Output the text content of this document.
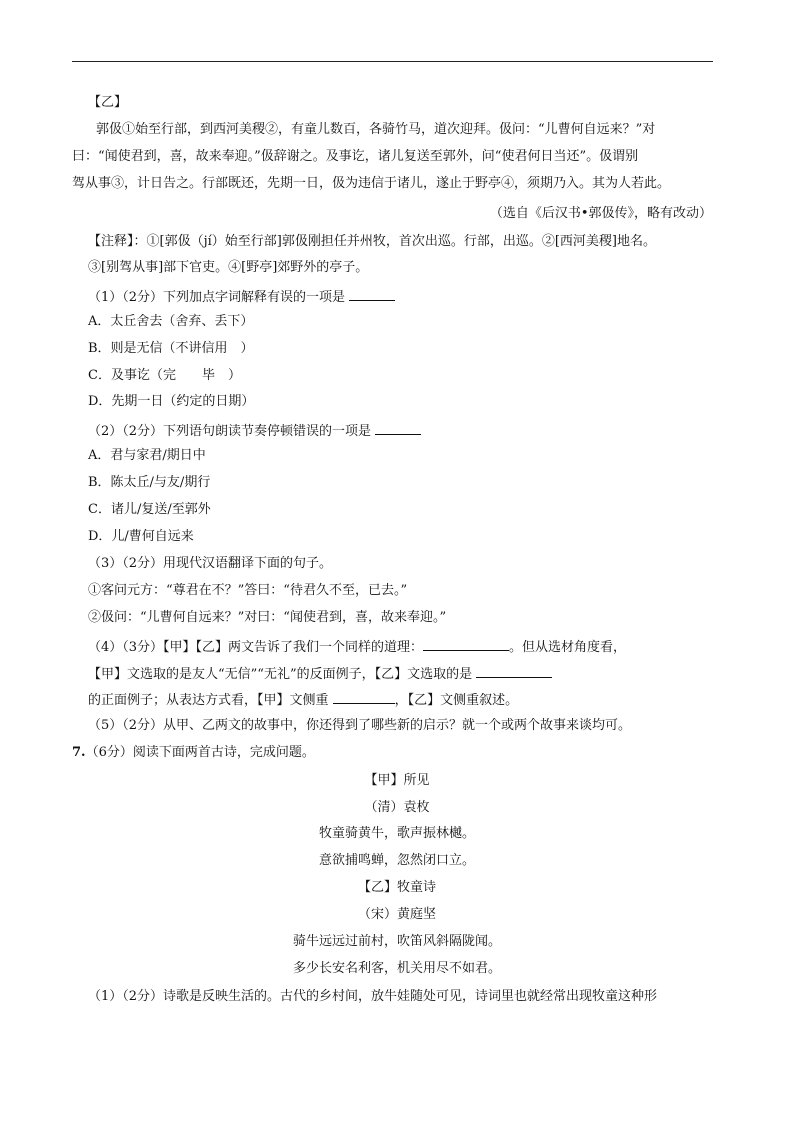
【乙】
郭伋①始至行部，到西河美稷②，有童儿数百，各骑竹马，道次迎拜。伋问：“儿曹何自远来？”对
曰：“闻使君到，喜，故来奉迎。”伋辞谢之。及事讫，诸儿复送至郭外，问“使君何日当还”。伋谓别
驾从事③，计日告之。行部既还，先期一日，伋为违信于诸儿，遂止于野亭④，须期乃入。其为人若此。
（选自《后汉书•郭伋传》，略有改动）
【注释】：①[郭伋（jí）始至行部]郭伋刚担任并州牧，首次出巡。行部，出巡。②[西河美稷]地名。
③[别驾从事]部下官吏。④[野亭]郊野外的亭子。
（1）（2分）下列加点字词解释有误的一项是
A．太丘舍去（舍弃、丢下）
B．则是无信（不讲信用　）
C．及事讫（完　　毕　）
D．先期一日（约定的日期）
（2）（2分）下列语句朗读节奏停顿错误的一项是
A．君与家君/期日中
B．陈太丘/与友/期行
C．诸儿/复送/至郭外
D．儿/曹何自远来
（3）（2分）用现代汉语翻译下面的句子。
①客问元方：“尊君在不？”答曰：“待君久不至，已去。”
②伋问：“儿曹何自远来？”对曰：“闻使君到，喜，故来奉迎。”
（4）（3分）【甲】【乙】两文告诉了我们一个同样的道理：	。但从选材角度看，
【甲】文选取的是友人“无信”“无礼”的反面例子，【乙】文选取的是
的正面例子；从表达方式看，【甲】文侧重	，【乙】文侧重叙述。
（5）（2分）从甲、乙两文的故事中，你还得到了哪些新的启示？就一个或两个故事来谈均可。
7.（6分）阅读下面两首古诗，完成问题。
【甲】所见
（清）袁枚
牧童骑黄牛，歌声振林樾。
意欲捕鸣蝉，忽然闭口立。
【乙】牧童诗
（宋）黄庭坚
骑牛远远过前村，吹笛风斜隔陇闻。
多少长安名利客，机关用尽不如君。
（1）（2分）诗歌是反映生活的。古代的乡村间，放牛娃随处可见，诗词里也就经常出现牧童这种形
